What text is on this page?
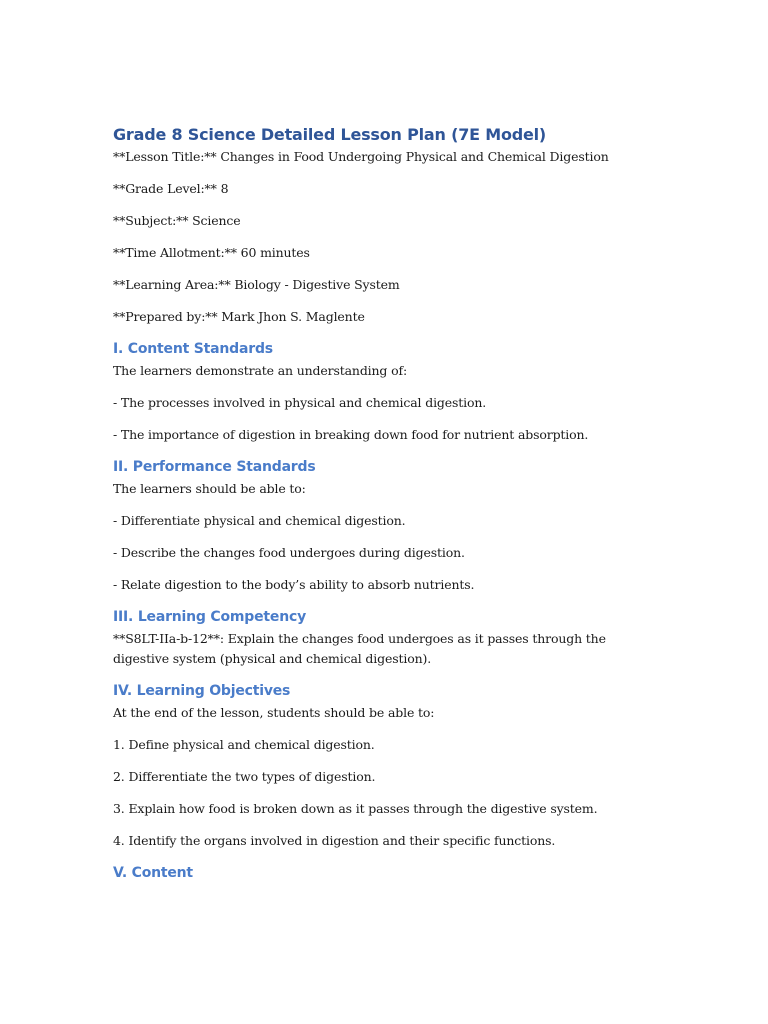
Grade 8 Science Detailed Lesson Plan (7E Model)

**Lesson Title:** Changes in Food Undergoing Physical and Chemical Digestion

**Grade Level:** 8

**Subject:** Science

**Time Allotment:** 60 minutes

**Learning Area:** Biology - Digestive System

**Prepared by:** Mark Jhon S. Maglente

I. Content Standards

The learners demonstrate an understanding of:

- The processes involved in physical and chemical digestion.

- The importance of digestion in breaking down food for nutrient absorption.

II. Performance Standards

The learners should be able to:

- Differentiate physical and chemical digestion.

- Describe the changes food undergoes during digestion.

- Relate digestion to the body’s ability to absorb nutrients.

III. Learning Competency

**S8LT-IIa-b-12**: Explain the changes food undergoes as it passes through the digestive system (physical and chemical digestion).

IV. Learning Objectives

At the end of the lesson, students should be able to:

1. Define physical and chemical digestion.

2. Differentiate the two types of digestion.

3. Explain how food is broken down as it passes through the digestive system.

4. Identify the organs involved in digestion and their specific functions.

V. Content
